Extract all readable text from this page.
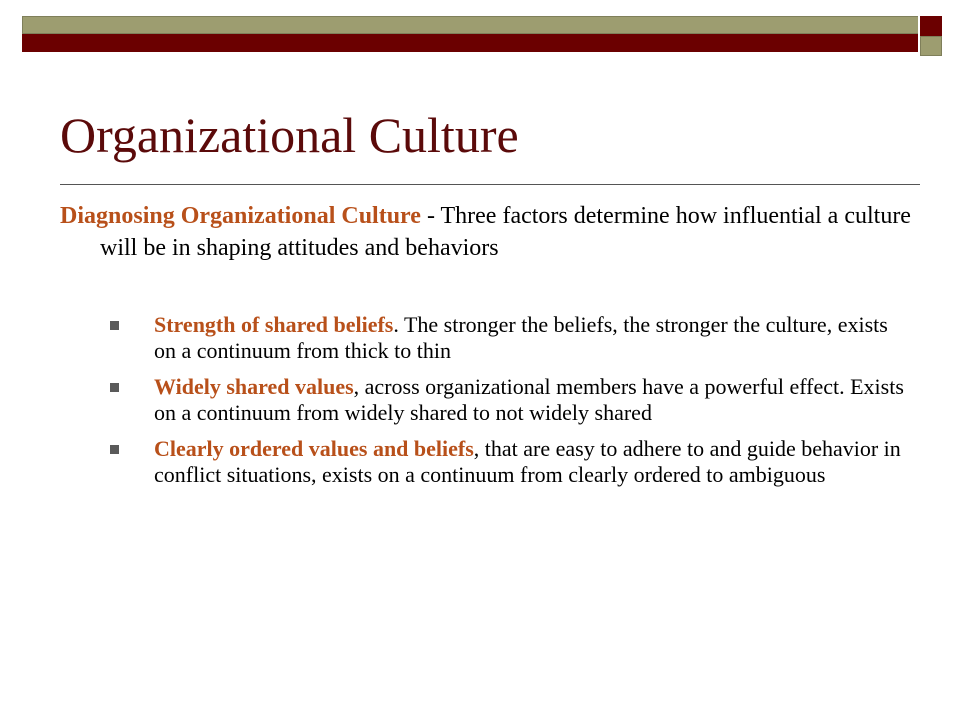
Organizational Culture
Diagnosing Organizational Culture - Three factors determine how influential a culture will be in shaping attitudes and behaviors
Strength of shared beliefs. The stronger the beliefs, the stronger the culture, exists on a continuum from thick to thin
Widely shared values, across organizational members have a powerful effect. Exists on a continuum from widely shared to not widely shared
Clearly ordered values and beliefs, that are easy to adhere to and guide behavior in conflict situations, exists on a continuum from clearly ordered to ambiguous
